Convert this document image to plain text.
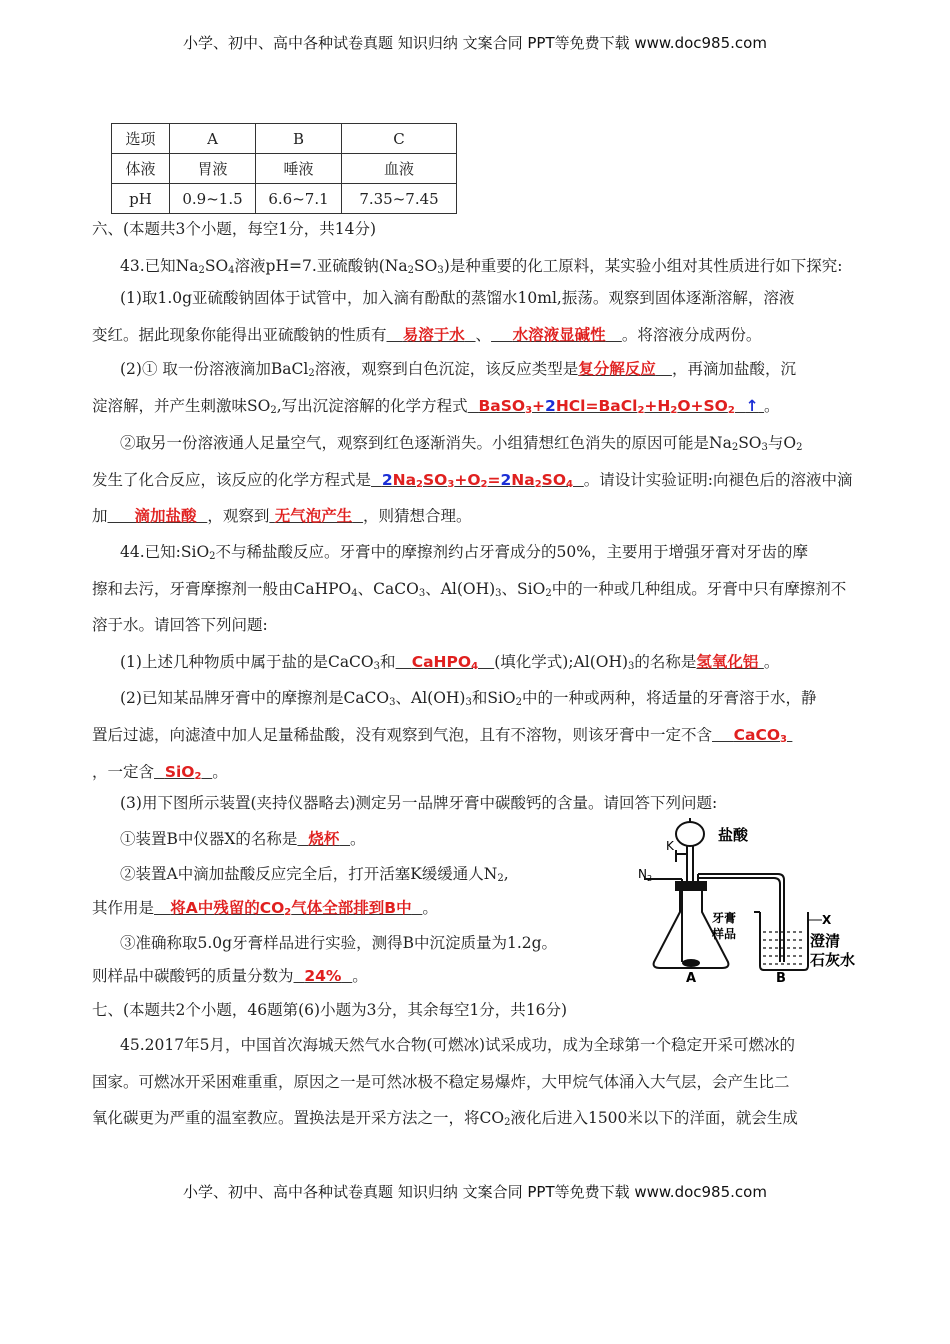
小学、初中、高中各种试卷真题 知识归纳 文案合同 PPT等免费下载 www.doc985.com
选项	A	B	C
体液	胃液	唾液	血液
pH	0.9~1.5	6.6~7.1	7.35~7.45
六、(本题共3个小题，每空1分，共14分)
43.已知$Na_2SO_4$溶液pH=7.亚硫酸钠$(Na_2SO_3)$是种重要的化工原料，某实验小组对其性质进行如下探究:
(1)取1.0g亚硫酸钠固体于试管中，加入滴有酚酞的蒸馏水10ml,振荡。观察到固体逐渐溶解，溶液
变红。据此现象你能得出亚硫酸钠的性质有 易溶于水 、 水溶液显碱性 。将溶液分成两份。
(2)① 取一份溶液滴加BaCl$_2$溶液，观察到白色沉淀，该反应类型是复分解反应 ，再滴加盐酸，沉
淀溶解，并产生刺激味$SO_2$,写出沉淀溶解的化学方程式 $BaSO_3+2HCl=BaCl_2+H_2O+SO_2$ ↑ 。
②取另一份溶液通人足量空气，观察到红色逐渐消失。小组猜想红色消失的原因可能是$Na_2SO_3$与$O_2$
发生了化合反应，该反应的化学方程式是 $2Na_2SO_3+O_2=2Na_2SO_4$ 。请设计实验证明:向褪色后的溶液中滴
加 滴加盐酸 ，观察到 无气泡产生 ，则猜想合理。
44.已知:SiO$_2$不与稀盐酸反应。牙膏中的摩擦剂约占牙膏成分的50%，主要用于增强牙膏对牙齿的摩
擦和去污，牙膏摩擦剂一般由CaHPO$_4$、CaCO$_3$、$Al(OH)_3$、SiO$_2$中的一种或几种组成。牙膏中只有摩擦剂不
溶于水。请回答下列问题:
(1)上述几种物质中属于盐的是CaCO$_3$和 CaHPO$_4$ (填化学式)$;Al(OH)_3$的名称是氢氧化铝 。
(2)已知某品牌牙膏中的摩擦剂是CaCO$_3$、$Al(OH)_3$和SiO$_2$中的一种或两种，将适量的牙膏溶于水，静
置后过滤，向滤渣中加人足量稀盐酸，没有观察到气泡，且有不溶物，则该牙膏中一定不含 CaCO$_3$
，一定含 SiO$_2$ 。
(3)用下图所示装置(夹持仪器略去)测定另一品牌牙膏中碳酸钙的含量。请回答下列问题:
①装置B中仪器X的名称是 烧杯 。
②装置A中滴加盐酸反应完全后，打开活塞K缓缓通人$N_2$,
其作用是 将A中残留的$CO_2$气体全部排到B中 。
③准确称取5.0g牙膏样品进行实验，测得B中沉淀质量为1.2g。
则样品中碳酸钙的质量分数为 24% 。
盐酸
K
$N_2$
牙膏
样品
X
澄清
石灰水
A	B
七、(本题共2个小题，46题第(6)小题为3分，其余每空1分，共16分)
45.2017年5月，中国首次海城天然气水合物(可燃冰)试采成功，成为全球第一个稳定开采可燃冰的
国家。可燃冰开采困难重重，原因之一是可然冰极不稳定易爆炸，大甲烷气体涌入大气层，会产生比二
氧化碳更为严重的温室教应。置换法是开采方法之一，将$CO_2$液化后进入1500米以下的洋面，就会生成
小学、初中、高中各种试卷真题 知识归纳 文案合同 PPT等免费下载 www.doc985.com
